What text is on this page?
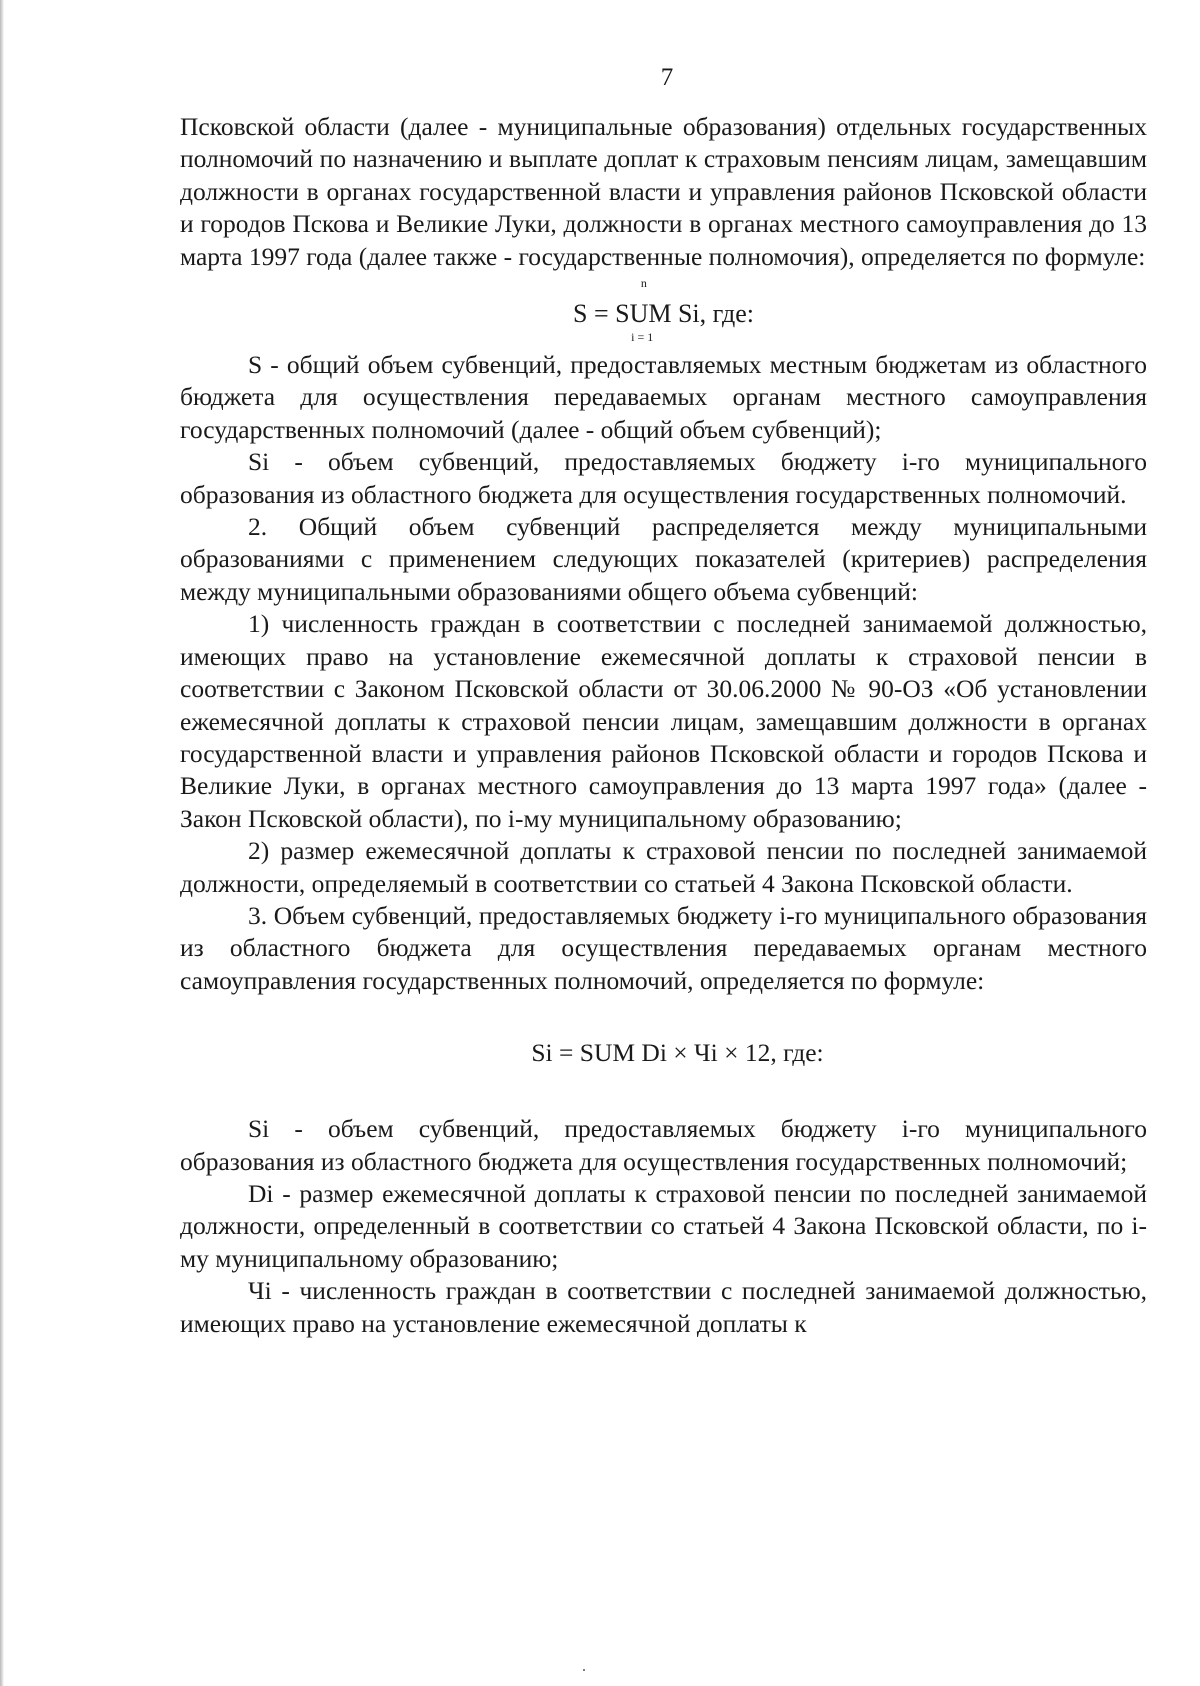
7

Псковской области (далее - муниципальные образования) отдельных государственных полномочий по назначению и выплате доплат к страховым пенсиям лицам, замещавшим должности в органах государственной власти и управления районов Псковской области и городов Пскова и Великие Луки, должности в органах местного самоуправления до 13 марта 1997 года (далее также - государственные полномочия), определяется по формуле:

S = SUM
n
i = 1
Si, где:

S - общий объем субвенций, предоставляемых местным бюджетам из областного бюджета для осуществления передаваемых органам местного самоуправления государственных полномочий (далее - общий объем субвенций);

Si - объем субвенций, предоставляемых бюджету i-го муниципального образования из областного бюджета для осуществления государственных полномочий.

2. Общий объем субвенций распределяется между муниципальными образованиями с применением следующих показателей (критериев) распределения между муниципальными образованиями общего объема субвенций:

1) численность граждан в соответствии с последней занимаемой должностью, имеющих право на установление ежемесячной доплаты к страховой пенсии в соответствии с Законом Псковской области от 30.06.2000 № 90-ОЗ «Об установлении ежемесячной доплаты к страховой пенсии лицам, замещавшим должности в органах государственной власти и управления районов Псковской области и городов Пскова и Великие Луки, в органах местного самоуправления до 13 марта 1997 года» (далее - Закон Псковской области), по i-му муниципальному образованию;

2) размер ежемесячной доплаты к страховой пенсии по последней занимаемой должности, определяемый в соответствии со статьей 4 Закона Псковской области.

3. Объем субвенций, предоставляемых бюджету i-го муниципального образования из областного бюджета для осуществления передаваемых органам местного самоуправления государственных полномочий, определяется по формуле:

Si = SUM Di × Чi × 12, где:

Si - объем субвенций, предоставляемых бюджету i-го муниципального образования из областного бюджета для осуществления государственных полномочий;

Di - размер ежемесячной доплаты к страховой пенсии по последней занимаемой должности, определенный в соответствии со статьей 4 Закона Псковской области, по i-му муниципальному образованию;

Чi - численность граждан в соответствии с последней занимаемой должностью, имеющих право на установление ежемесячной доплаты к
